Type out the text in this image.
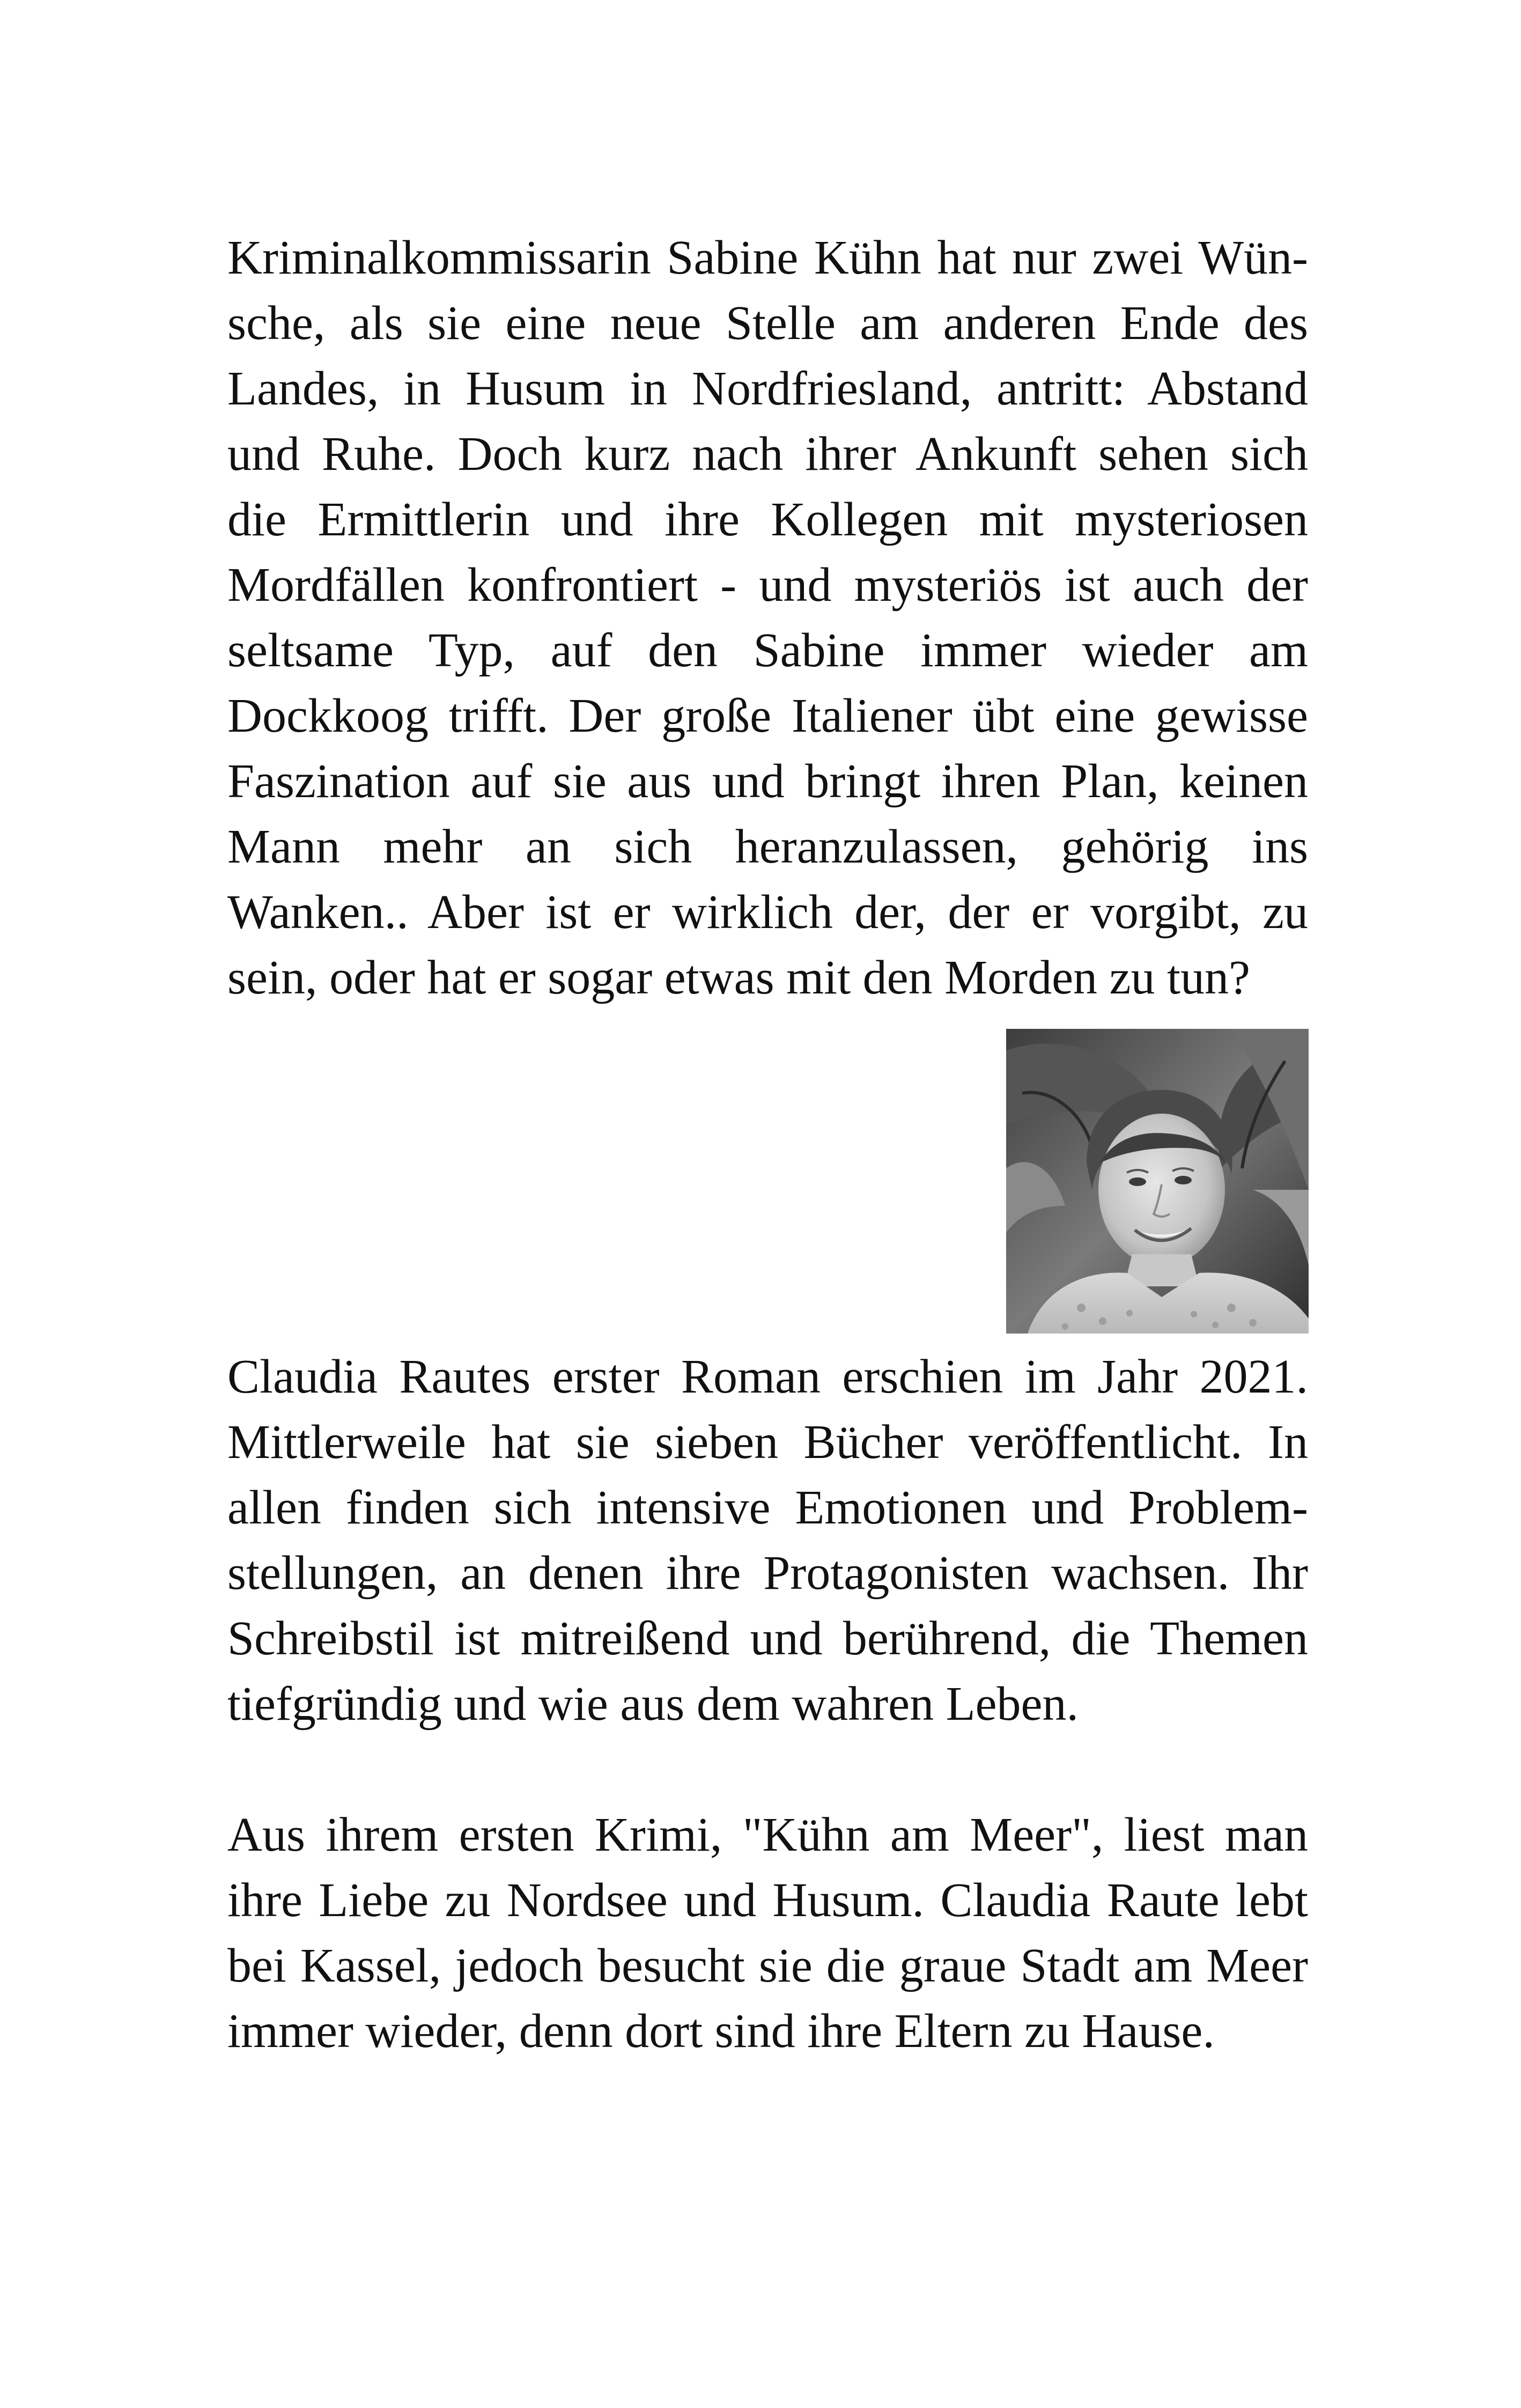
Kriminalkommissarin Sabine Kühn hat nur zwei Wün-
sche, als sie eine neue Stelle am anderen Ende des
Landes, in Husum in Nordfriesland, antritt: Abstand
und Ruhe. Doch kurz nach ihrer Ankunft sehen sich
die Ermittlerin und ihre Kollegen mit mysteriosen
Mordfällen konfrontiert - und mysteriös ist auch der
seltsame Typ, auf den Sabine immer wieder am
Dockkoog trifft. Der große Italiener übt eine gewisse
Faszination auf sie aus und bringt ihren Plan, keinen
Mann mehr an sich heranzulassen, gehörig ins
Wanken.. Aber ist er wirklich der, der er vorgibt, zu
sein, oder hat er sogar etwas mit den Morden zu tun?

Claudia Rautes erster Roman erschien im Jahr 2021.
Mittlerweile hat sie sieben Bücher veröffentlicht. In
allen finden sich intensive Emotionen und Problem-
stellungen, an denen ihre Protagonisten wachsen. Ihr
Schreibstil ist mitreißend und berührend, die Themen
tiefgründig und wie aus dem wahren Leben.

Aus ihrem ersten Krimi, "Kühn am Meer", liest man
ihre Liebe zu Nordsee und Husum. Claudia Raute lebt
bei Kassel, jedoch besucht sie die graue Stadt am Meer
immer wieder, denn dort sind ihre Eltern zu Hause.
